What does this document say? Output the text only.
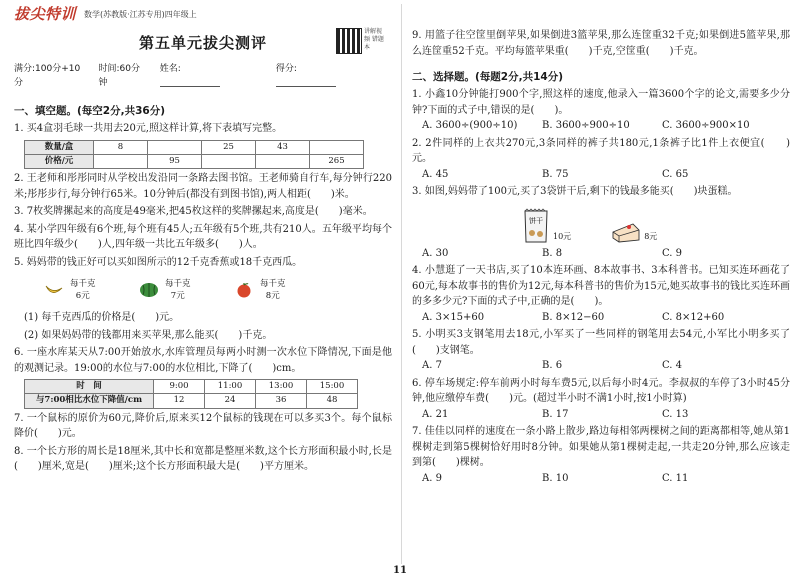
拔尖特训 数学(苏教版·江苏专用)四年级上
讲解视频 错题本
第五单元拔尖测评
满分:100分+10分
时间:60分钟
姓名:	得分:
一、填空题。(每空2分,共36分)
1. 买4盒羽毛球一共用去20元,照这样计算,将下表填写完整。
数量/盒	8		25	43	
价格/元		95			265
2. 王老师和彤彤同时从学校出发沿同一条路去图书馆。王老师骑自行车,每分钟行220米;彤彤步行,每分钟行65米。10分钟后(都没有到图书馆),两人相距(　　)米。
3. 7枚奖牌摞起来的高度是49毫米,把45枚这样的奖牌摞起来,高度是(　　)毫米。
4. 某小学四年级有6个班,每个班有45人;五年级有5个班,共有210人。五年级平均每个班比四年级少(　　)人,四年级一共比五年级多(　　)人。
5. 妈妈带的钱正好可以买如图所示的12千克香蕉或18千克西瓜。
每千克
6元
每千克
7元
每千克
8元
(1) 每千克西瓜的价格是(　　)元。
(2) 如果妈妈带的钱都用来买苹果,那么能买(　　)千克。
6. 一座水库某天从7:00开始放水,水库管理员每两小时测一次水位下降情况,下面是他的观测记录。19:00的水位与7:00的水位相比,下降了(　　)cm。
时　间	9:00	11:00	13:00	15:00
与7:00相比水位下降值/cm	12	24	36	48
7. 一个鼠标的原价为60元,降价后,原来买12个鼠标的钱现在可以多买3个。每个鼠标降价(　　)元。
8. 一个长方形的周长是18厘米,其中长和宽都是整厘米数,这个长方形面积最小时,长是(　　)厘米,宽是(　　)厘米;这个长方形面积最大是(　　)平方厘米。
9. 用篮子往空筐里倒苹果,如果倒进3篮苹果,那么连筐重32千克;如果倒进5篮苹果,那么连筐重52千克。平均每篮苹果重(　　)千克,空筐重(　　)千克。
二、选择题。(每题2分,共14分)
1. 小鑫10分钟能打900个字,照这样的速度,他录入一篇3600个字的论文,需要多少分钟?下面的式子中,错误的是(　　)。
A. 3600÷(900÷10)	B. 3600÷900÷10	C. 3600÷900×10
2. 2件同样的上衣共270元,3条同样的裤子共180元,1条裤子比1件上衣便宜(　　)元。
A. 45	B. 75	C. 65
3. 如图,妈妈带了100元,买了3袋饼干后,剩下的钱最多能买(　　)块蛋糕。
饼干
10元	8元
A. 30	B. 8	C. 9
4. 小慧逛了一天书店,买了10本连环画、8本故事书、3本科普书。已知买连环画花了60元,每本故事书的售价为12元,每本科普书的售价为15元,她买故事书的钱比买连环画的多多少元?下面的式子中,正确的是(　　)。
A. 3×15+60	B. 8×12−60	C. 8×12+60
5. 小明买3支钢笔用去18元,小军买了一些同样的钢笔用去54元,小军比小明多买了(　　)支钢笔。
A. 7	B. 6	C. 4
6. 停车场规定:停车前两小时每车费5元,以后每小时4元。李叔叔的车停了3小时45分钟,他应缴停车费(　　)元。(超过半小时不满1小时,按1小时算)
A. 21	B. 17	C. 13
7. 佳佳以同样的速度在一条小路上散步,路边每相邻两棵树之间的距离都相等,她从第1棵树走到第5棵树恰好用时8分钟。如果她从第1棵树走起,一共走20分钟,那么应该走到第(　　)棵树。
A. 9	B. 10	C. 11
11
